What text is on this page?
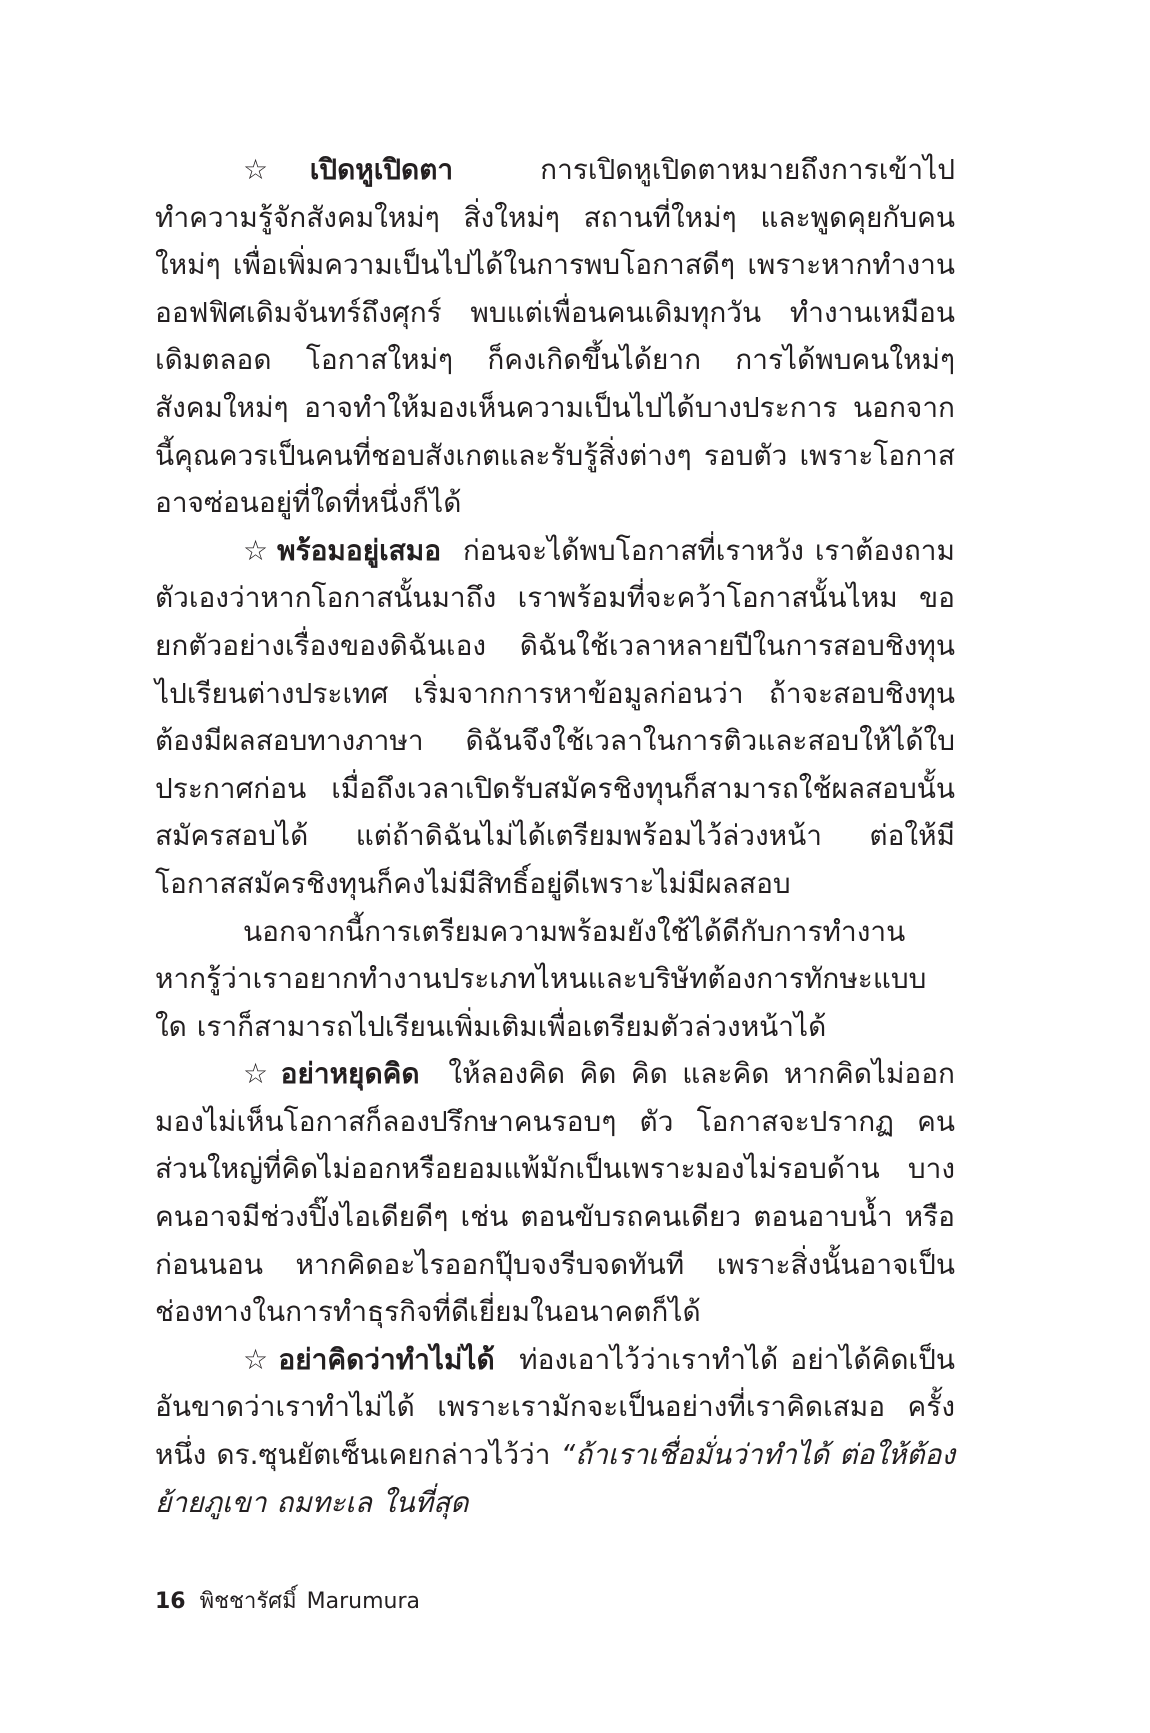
☆ เปิดหูเปิดตา	การเปิดหูเปิดตาหมายถึงการเข้าไปทำความรู้จักสังคมใหม่ๆ สิ่งใหม่ๆ สถานที่ใหม่ๆ และพูดคุยกับคนใหม่ๆ เพื่อเพิ่มความเป็นไปได้ในการพบโอกาสดีๆ เพราะหากทำงานออฟฟิศเดิมจันทร์ถึงศุกร์ พบแต่เพื่อนคนเดิมทุกวัน ทำงานเหมือนเดิมตลอด โอกาสใหม่ๆ ก็คงเกิดขึ้นได้ยาก การได้พบคนใหม่ๆ สังคมใหม่ๆ อาจทำให้มองเห็นความเป็นไปได้บางประการ นอกจากนี้คุณควรเป็นคนที่ชอบสังเกตและรับรู้สิ่งต่างๆ รอบตัว เพราะโอกาสอาจซ่อนอยู่ที่ใดที่หนึ่งก็ได้

☆ พร้อมอยู่เสมอ ก่อนจะได้พบโอกาสที่เราหวัง เราต้องถามตัวเองว่าหากโอกาสนั้นมาถึง เราพร้อมที่จะคว้าโอกาสนั้นไหม ขอยกตัวอย่างเรื่องของดิฉันเอง ดิฉันใช้เวลาหลายปีในการสอบชิงทุนไปเรียนต่างประเทศ เริ่มจากการหาข้อมูลก่อนว่า ถ้าจะสอบชิงทุนต้องมีผลสอบทางภาษา ดิฉันจึงใช้เวลาในการติวและสอบให้ได้ใบประกาศก่อน เมื่อถึงเวลาเปิดรับสมัครชิงทุนก็สามารถใช้ผลสอบนั้นสมัครสอบได้ แต่ถ้าดิฉันไม่ได้เตรียมพร้อมไว้ล่วงหน้า ต่อให้มีโอกาสสมัครชิงทุนก็คงไม่มีสิทธิ์อยู่ดีเพราะไม่มีผลสอบ

นอกจากนี้การเตรียมความพร้อมยังใช้ได้ดีกับการทำงาน หากรู้ว่าเราอยากทำงานประเภทไหนและบริษัทต้องการทักษะแบบใด เราก็สามารถไปเรียนเพิ่มเติมเพื่อเตรียมตัวล่วงหน้าได้

☆ อย่าหยุดคิด ให้ลองคิด คิด คิด และคิด หากคิดไม่ออก มองไม่เห็นโอกาสก็ลองปรึกษาคนรอบๆ ตัว โอกาสจะปรากฏ คนส่วนใหญ่ที่คิดไม่ออกหรือยอมแพ้มักเป็นเพราะมองไม่รอบด้าน บางคนอาจมีช่วงปิ๊งไอเดียดีๆ เช่น ตอนขับรถคนเดียว ตอนอาบน้ำ หรือก่อนนอน หากคิดอะไรออกปุ๊บจงรีบจดทันที เพราะสิ่งนั้นอาจเป็นช่องทางในการทำธุรกิจที่ดีเยี่ยมในอนาคตก็ได้

☆ อย่าคิดว่าทำไม่ได้ ท่องเอาไว้ว่าเราทำได้ อย่าได้คิดเป็นอันขาดว่าเราทำไม่ได้ เพราะเรามักจะเป็นอย่างที่เราคิดเสมอ ครั้งหนึ่ง ดร.ซุนยัตเซ็นเคยกล่าวไว้ว่า “ถ้าเราเชื่อมั่นว่าทำได้ ต่อให้ต้องย้ายภูเขา ถมทะเล ในที่สุด

16 พิชชารัศมิ์ Marumura
